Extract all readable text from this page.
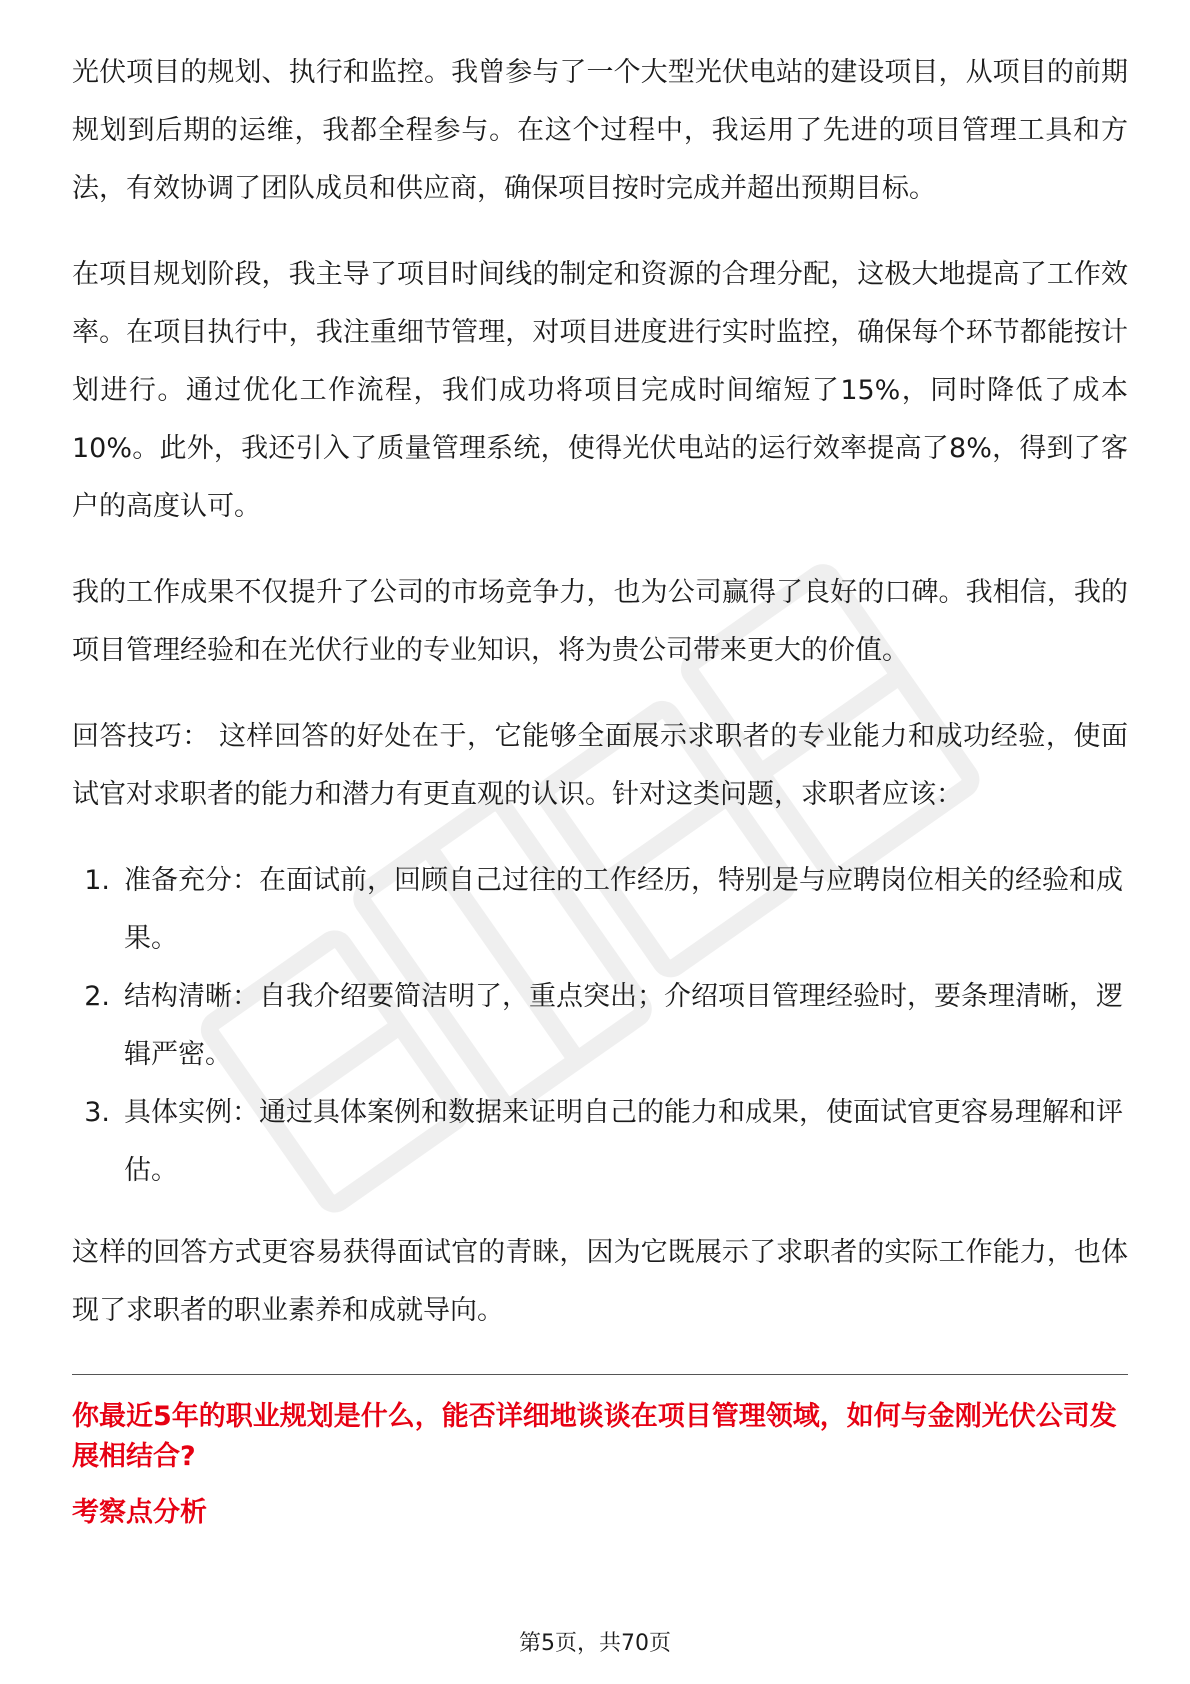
光伏项目的规划、执行和监控。我曾参与了一个大型光伏电站的建设项目，从项目的前期规划到后期的运维，我都全程参与。在这个过程中，我运用了先进的项目管理工具和方法，有效协调了团队成员和供应商，确保项目按时完成并超出预期目标。

在项目规划阶段，我主导了项目时间线的制定和资源的合理分配，这极大地提高了工作效率。在项目执行中，我注重细节管理，对项目进度进行实时监控，确保每个环节都能按计划进行。通过优化工作流程，我们成功将项目完成时间缩短了15%，同时降低了成本10%。此外，我还引入了质量管理系统，使得光伏电站的运行效率提高了8%，得到了客户的高度认可。

我的工作成果不仅提升了公司的市场竞争力，也为公司赢得了良好的口碑。我相信，我的项目管理经验和在光伏行业的专业知识，将为贵公司带来更大的价值。

回答技巧： 这样回答的好处在于，它能够全面展示求职者的专业能力和成功经验，使面试官对求职者的能力和潜力有更直观的认识。针对这类问题，求职者应该：

1. 准备充分：在面试前，回顾自己过往的工作经历，特别是与应聘岗位相关的经验和成果。
2. 结构清晰：自我介绍要简洁明了，重点突出；介绍项目管理经验时，要条理清晰，逻辑严密。
3. 具体实例：通过具体案例和数据来证明自己的能力和成果，使面试官更容易理解和评估。

这样的回答方式更容易获得面试官的青睐，因为它既展示了求职者的实际工作能力，也体现了求职者的职业素养和成就导向。

你最近5年的职业规划是什么，能否详细地谈谈在项目管理领域，如何与金刚光伏公司发展相结合?

考察点分析

第5页，共70页
